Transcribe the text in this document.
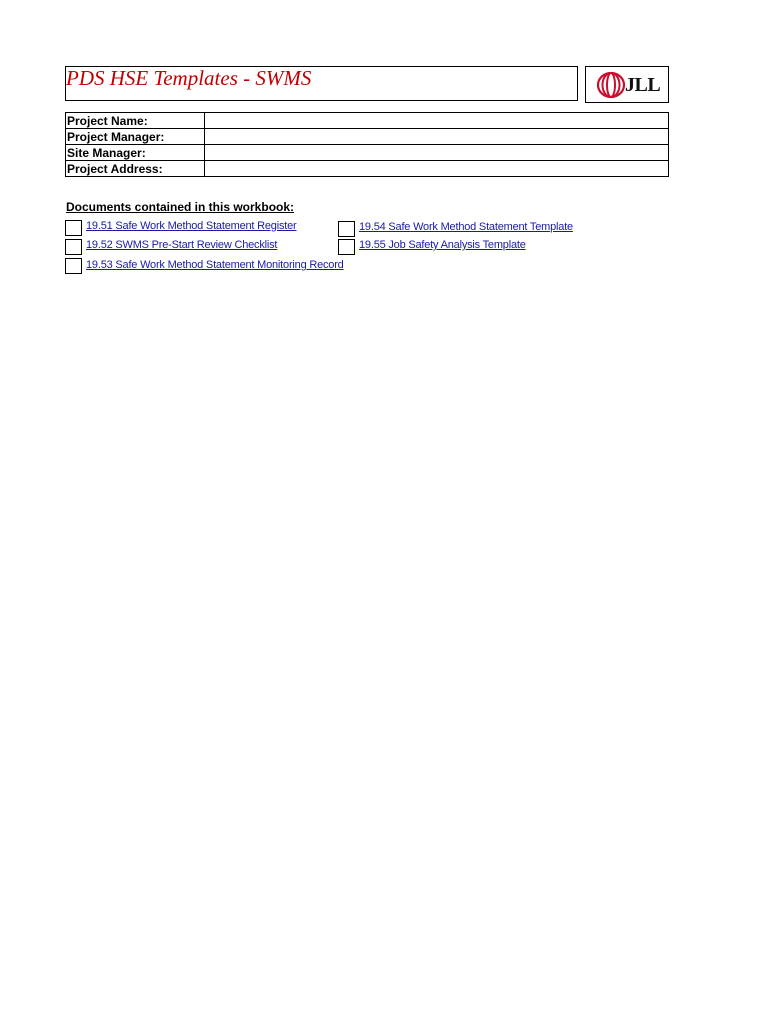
PDS HSE Templates - SWMS	JLL
Project Name:	
Project Manager:	
Site Manager:	
Project Address:	
Documents contained in this workbook:
19.51 Safe Work Method Statement Register
19.52 SWMS Pre-Start Review Checklist
19.53 Safe Work Method Statement Monitoring Record
19.54 Safe Work Method Statement Template
19.55 Job Safety Analysis Template
